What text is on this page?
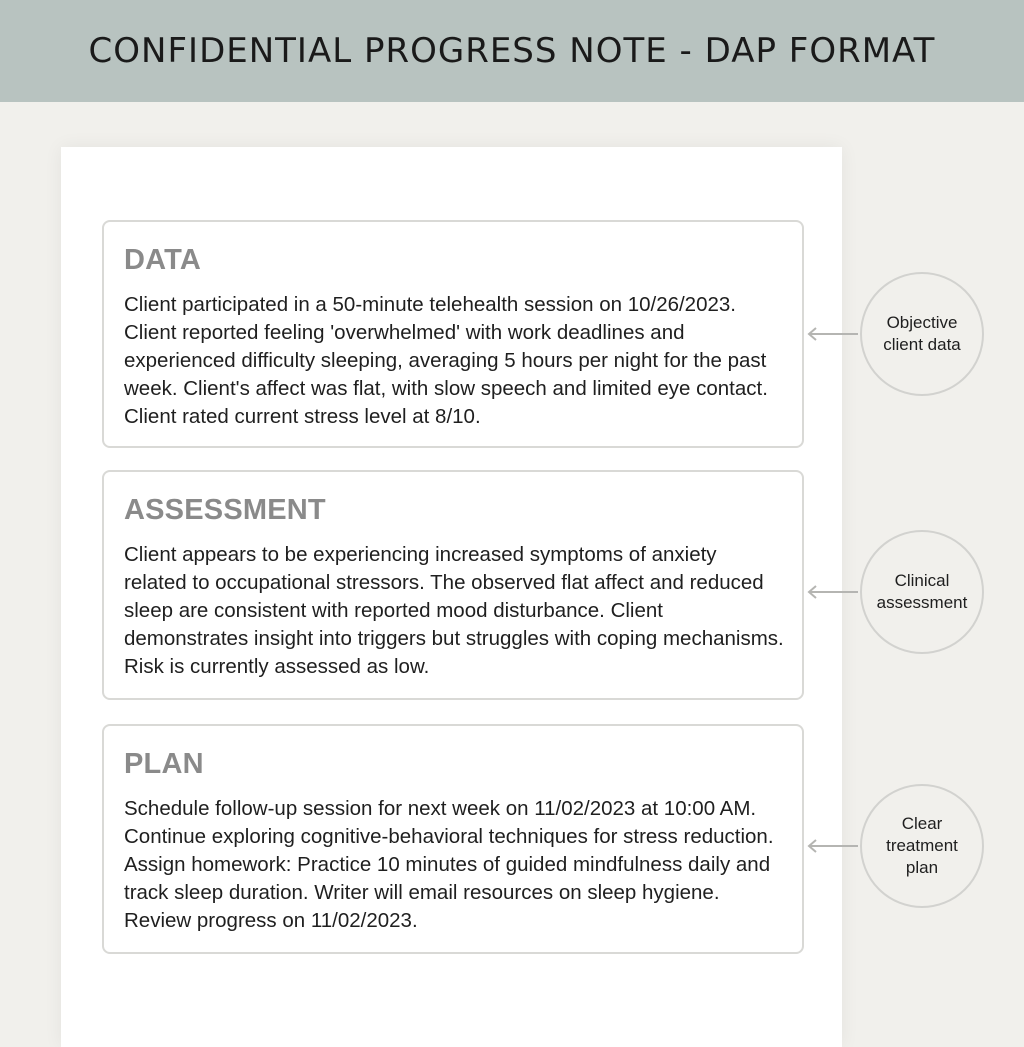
CONFIDENTIAL PROGRESS NOTE - DAP FORMAT
DATA

Client participated in a 50-minute telehealth session on 10/26/2023. Client reported feeling 'overwhelmed' with work deadlines and experienced difficulty sleeping, averaging 5 hours per night for the past week. Client's affect was flat, with slow speech and limited eye contact. Client rated current stress level at 8/10.

ASSESSMENT

Client appears to be experiencing increased symptoms of anxiety related to occupational stressors. The observed flat affect and reduced sleep are consistent with reported mood disturbance. Client demonstrates insight into triggers but struggles with coping mechanisms. Risk is currently assessed as low.

PLAN

Schedule follow-up session for next week on 11/02/2023 at 10:00 AM. Continue exploring cognitive-behavioral techniques for stress reduction. Assign homework: Practice 10 minutes of guided mindfulness daily and track sleep duration. Writer will email resources on sleep hygiene. Review progress on 11/02/2023.

Objective
client data
Clinical
assessment
Clear
treatment
plan
